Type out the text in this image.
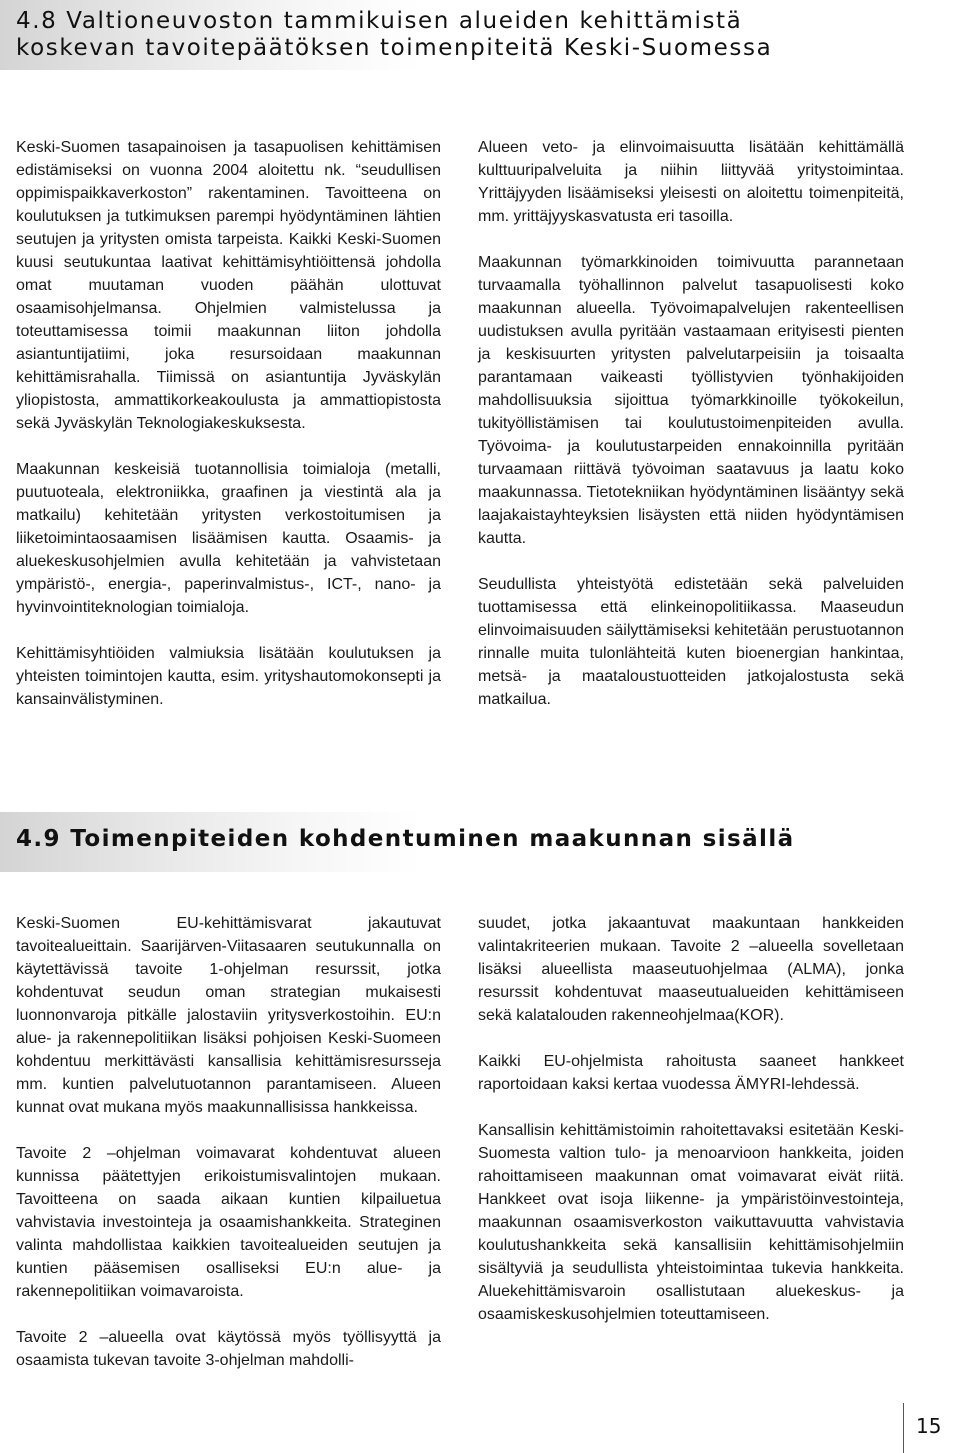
4.8 Valtioneuvoston tammikuisen alueiden kehittämistä
koskevan tavoitepäätöksen toimenpiteitä Keski-Suomessa

Keski-Suomen tasapainoisen ja tasapuolisen kehittämisen edistämiseksi on vuonna 2004 aloitettu nk. “seudullisen oppimispaikkaverkoston” rakentaminen. Tavoitteena on koulutuksen ja tutkimuksen parempi hyödyntäminen lähtien seutujen ja yritysten omista tarpeista. Kaikki Keski-Suomen kuusi seutukuntaa laativat kehittämisyhtiöittensä johdolla omat muutaman vuoden päähän ulottuvat osaamisohjelmansa. Ohjelmien valmistelussa ja toteuttamisessa toimii maakunnan liiton johdolla asiantuntijatiimi, joka resursoidaan maakunnan kehittämisrahalla. Tiimissä on asiantuntija Jyväskylän yliopistosta, ammattikorkeakoulusta ja ammattiopistosta sekä Jyväskylän Teknologiakeskuksesta.

Maakunnan keskeisiä tuotannollisia toimialoja (metalli, puutuoteala, elektroniikka, graafinen ja viestintä ala ja matkailu) kehitetään yritysten verkostoitumisen ja liiketoimintaosaamisen lisäämisen kautta. Osaamis- ja aluekeskusohjelmien avulla kehitetään ja vahvistetaan ympäristö-, energia-, paperinvalmistus-, ICT-, nano- ja hyvinvointiteknologian toimialoja.

Kehittämisyhtiöiden valmiuksia lisätään koulutuksen ja yhteisten toimintojen kautta, esim. yrityshautomokonsepti ja kansainvälistyminen.

Alueen veto- ja elinvoimaisuutta lisätään kehittämällä kulttuuripalveluita ja niihin liittyvää yritystoimintaa. Yrittäjyyden lisäämiseksi yleisesti on aloitettu toimenpiteitä, mm. yrittäjyyskasvatusta eri tasoilla.

Maakunnan työmarkkinoiden toimivuutta parannetaan turvaamalla työhallinnon palvelut tasapuolisesti koko maakunnan alueella. Työvoimapalvelujen rakenteellisen uudistuksen avulla pyritään vastaamaan erityisesti pienten ja keskisuurten yritysten palvelutarpeisiin ja toisaalta parantamaan vaikeasti työllistyvien työnhakijoiden mahdollisuuksia sijoittua työmarkkinoille työkokeilun, tukityöllistämisen tai koulutustoimenpiteiden avulla. Työvoima- ja koulutustarpeiden ennakoinnilla pyritään turvaamaan riittävä työvoiman saatavuus ja laatu koko maakunnassa. Tietotekniikan hyödyntäminen lisääntyy sekä laajakaistayhteyksien lisäysten että niiden hyödyntämisen kautta.

Seudullista yhteistyötä edistetään sekä palveluiden tuottamisessa että elinkeinopolitiikassa. Maaseudun elinvoimaisuuden säilyttämiseksi kehitetään perustuotannon rinnalle muita tulonlähteitä kuten bioenergian hankintaa, metsä- ja maataloustuotteiden jatkojalostusta sekä matkailua.

4.9 Toimenpiteiden kohdentuminen maakunnan sisällä

Keski-Suomen EU-kehittämisvarat jakautuvat tavoitealueittain. Saarijärven-Viitasaaren seutukunnalla on käytettävissä tavoite 1-ohjelman resurssit, jotka kohdentuvat seudun oman strategian mukaisesti luonnonvaroja pitkälle jalostaviin yritysverkostoihin. EU:n alue- ja rakennepolitiikan lisäksi pohjoisen Keski-Suomeen kohdentuu merkittävästi kansallisia kehittämisresursseja mm. kuntien palvelutuotannon parantamiseen. Alueen kunnat ovat mukana myös maakunnallisissa hankkeissa.

Tavoite 2 –ohjelman voimavarat kohdentuvat alueen kunnissa päätettyjen erikoistumisvalintojen mukaan. Tavoitteena on saada aikaan kuntien kilpailuetua vahvistavia investointeja ja osaamishankkeita. Strateginen valinta mahdollistaa kaikkien tavoitealueiden seutujen ja kuntien pääsemisen osalliseksi EU:n alue- ja rakennepolitiikan voimavaroista.

Tavoite 2 –alueella ovat käytössä myös työllisyyttä ja osaamista tukevan tavoite 3-ohjelman mahdolli-

suudet, jotka jakaantuvat maakuntaan hankkeiden valintakriteerien mukaan. Tavoite 2 –alueella sovelletaan lisäksi alueellista maaseutuohjelmaa (ALMA), jonka resurssit kohdentuvat maaseutualueiden kehittämiseen sekä kalatalouden rakenneohjelmaa(KOR).

Kaikki EU-ohjelmista rahoitusta saaneet hankkeet raportoidaan kaksi kertaa vuodessa ÄMYRI-lehdessä.

Kansallisin kehittämistoimin rahoitettavaksi esitetään Keski-Suomesta valtion tulo- ja menoarvioon hankkeita, joiden rahoittamiseen maakunnan omat voimavarat eivät riitä. Hankkeet ovat isoja liikenne- ja ympäristöinvestointeja, maakunnan osaamisverkoston vaikuttavuutta vahvistavia koulutushankkeita sekä kansallisiin kehittämisohjelmiin sisältyviä ja seudullista yhteistoimintaa tukevia hankkeita. Aluekehittämisvaroin osallistutaan aluekeskus- ja osaamiskeskusohjelmien toteuttamiseen.

15
